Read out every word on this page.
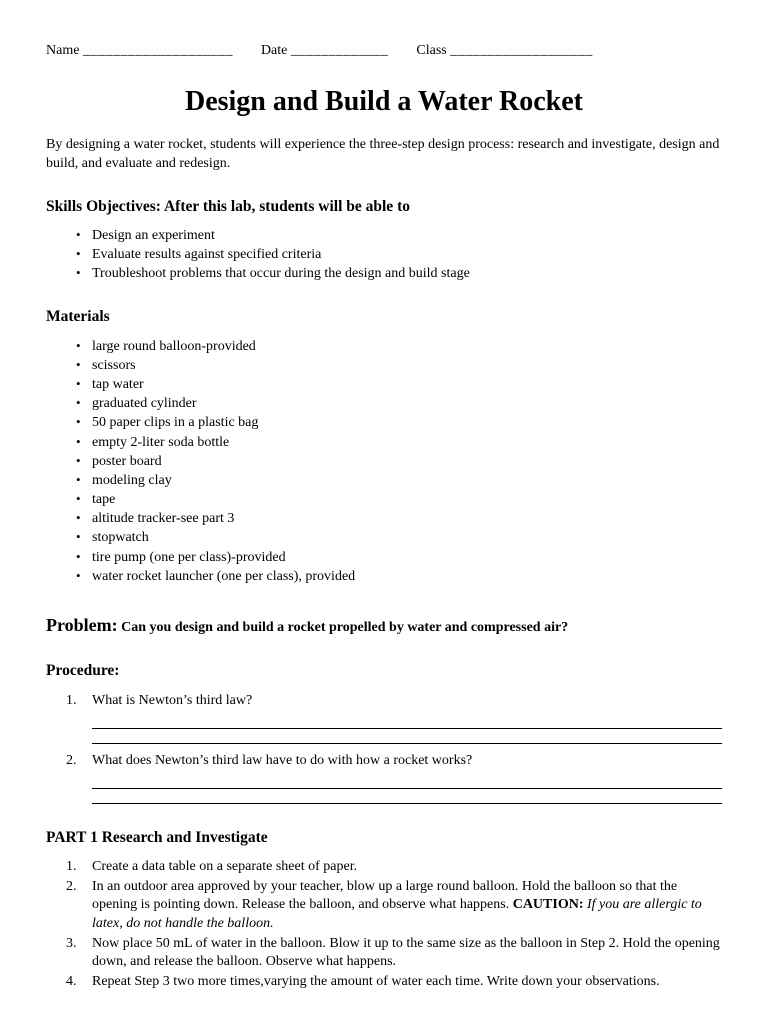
Name ____________________ Date _____________ Class ___________________
Design and Build a Water Rocket

By designing a water rocket, students will experience the three-step design process: research and investigate, design and build, and evaluate and redesign.

Skills Objectives: After this lab, students will be able to
• Design an experiment
• Evaluate results against specified criteria
• Troubleshoot problems that occur during the design and build stage
Materials
• large round balloon-provided
• scissors
• tap water
• graduated cylinder
• 50 paper clips in a plastic bag
• empty 2-liter soda bottle
• poster board
• modeling clay
• tape
• altitude tracker-see part 3
• stopwatch
• tire pump (one per class)-provided
• water rocket launcher (one per class), provided
Problem: Can you design and build a rocket propelled by water and compressed air?
Procedure:
1.	What is Newton’s third law?
2.	What does Newton’s third law have to do with how a rocket works?
PART 1 Research and Investigate
1.	Create a data table on a separate sheet of paper.
2.	In an outdoor area approved by your teacher, blow up a large round balloon. Hold the balloon so that the opening is pointing down. Release the balloon, and observe what happens. CAUTION: If you are allergic to latex, do not handle the balloon.
3.	Now place 50 mL of water in the balloon. Blow it up to the same size as the balloon in Step 2. Hold the opening down, and release the balloon. Observe what happens.
4.	Repeat Step 3 two more times,varying the amount of water each time. Write down your observations.
